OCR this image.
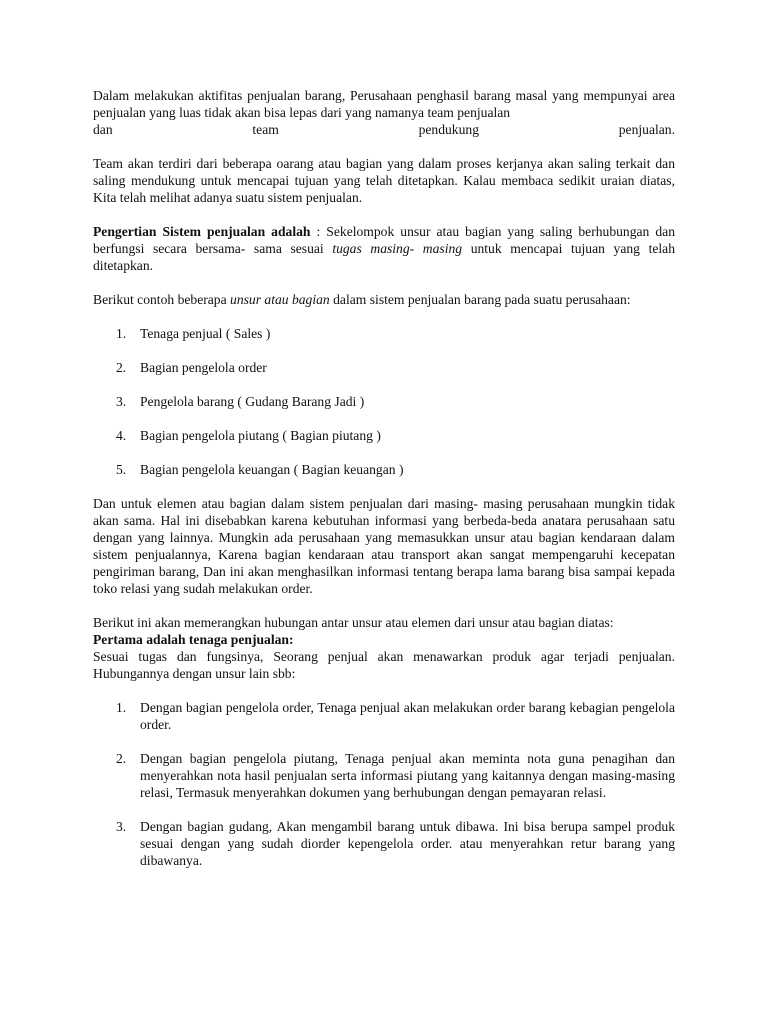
Dalam melakukan aktifitas penjualan barang, Perusahaan penghasil barang masal yang mempunyai area penjualan yang luas tidak akan bisa lepas dari yang namanya team penjualan

dan team pendukung penjualan.

Team akan terdiri dari beberapa oarang atau bagian yang dalam proses kerjanya akan saling terkait dan saling mendukung untuk mencapai tujuan yang telah ditetapkan. Kalau membaca sedikit uraian diatas, Kita telah melihat adanya suatu sistem penjualan.

Pengertian Sistem penjualan adalah : Sekelompok unsur atau bagian yang saling berhubungan dan berfungsi secara bersama- sama sesuai tugas masing- masing untuk mencapai tujuan yang telah ditetapkan.

Berikut contoh beberapa unsur atau bagian dalam sistem penjualan barang pada suatu perusahaan:

1. Tenaga penjual ( Sales )
2. Bagian pengelola order
3. Pengelola barang ( Gudang Barang Jadi )
4. Bagian pengelola piutang ( Bagian piutang )
5. Bagian pengelola keuangan ( Bagian keuangan )

Dan untuk elemen atau bagian dalam sistem penjualan dari masing- masing perusahaan mungkin tidak akan sama. Hal ini disebabkan karena kebutuhan informasi yang berbeda-beda anatara perusahaan satu dengan yang lainnya. Mungkin ada perusahaan yang memasukkan unsur atau bagian kendaraan dalam sistem penjualannya, Karena bagian kendaraan atau transport akan sangat mempengaruhi kecepatan pengiriman barang, Dan ini akan menghasilkan informasi tentang berapa lama barang bisa sampai kepada toko relasi yang sudah melakukan order.

Berikut ini akan memerangkan hubungan antar unsur atau elemen dari unsur atau bagian diatas:

Pertama adalah tenaga penjualan:

Sesuai tugas dan fungsinya, Seorang penjual akan menawarkan produk agar terjadi penjualan. Hubungannya dengan unsur lain sbb:

1. Dengan bagian pengelola order, Tenaga penjual akan melakukan order barang kebagian pengelola order.
2. Dengan bagian pengelola piutang, Tenaga penjual akan meminta nota guna penagihan dan menyerahkan nota hasil penjualan serta informasi piutang yang kaitannya dengan masing-masing relasi, Termasuk menyerahkan dokumen yang berhubungan dengan pemayaran relasi.
3. Dengan bagian gudang, Akan mengambil barang untuk dibawa. Ini bisa berupa sampel produk sesuai dengan yang sudah diorder kepengelola order. atau menyerahkan retur barang yang dibawanya.
